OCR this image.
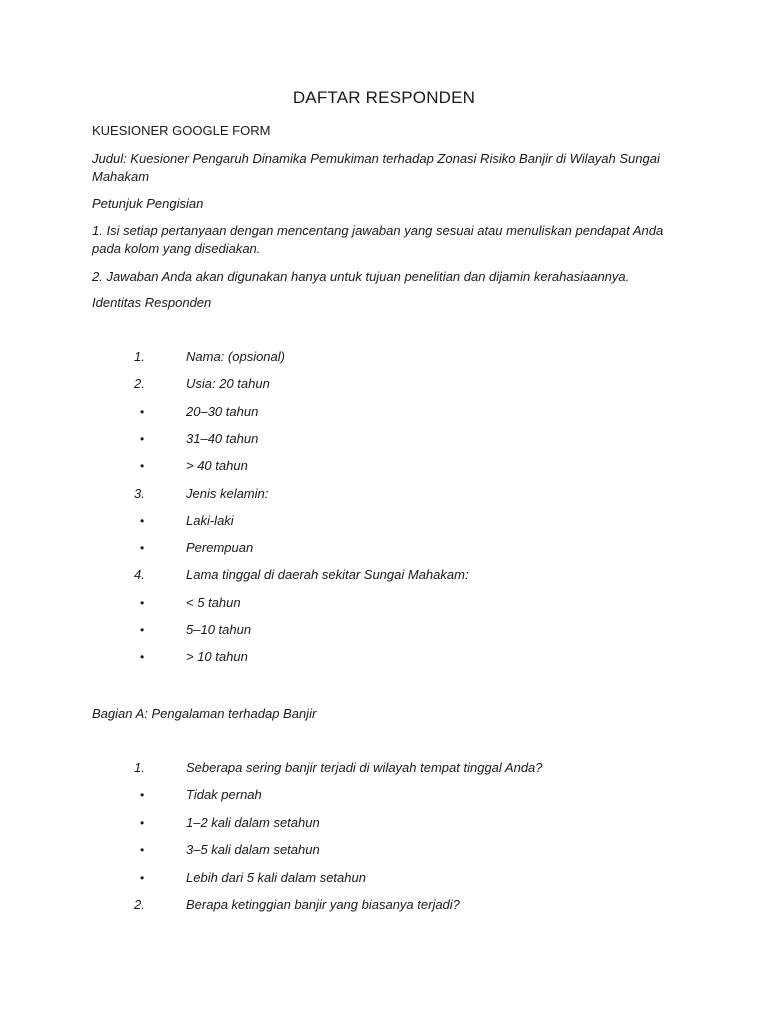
DAFTAR RESPONDEN
KUESIONER GOOGLE FORM
Judul: Kuesioner Pengaruh Dinamika Pemukiman terhadap Zonasi Risiko Banjir di Wilayah Sungai Mahakam
Petunjuk Pengisian
1. Isi setiap pertanyaan dengan mencentang jawaban yang sesuai atau menuliskan pendapat Anda pada kolom yang disediakan.
2. Jawaban Anda akan digunakan hanya untuk tujuan penelitian dan dijamin kerahasiaannya.
Identitas Responden
1.	Nama: (opsional)
2.	Usia: 20 tahun
•	20–30 tahun
•	31–40 tahun
•	> 40 tahun
3.	Jenis kelamin:
•	Laki-laki
•	Perempuan
4.	Lama tinggal di daerah sekitar Sungai Mahakam:
•	< 5 tahun
•	5–10 tahun
•	> 10 tahun
Bagian A: Pengalaman terhadap Banjir
1.	Seberapa sering banjir terjadi di wilayah tempat tinggal Anda?
•	Tidak pernah
•	1–2 kali dalam setahun
•	3–5 kali dalam setahun
•	Lebih dari 5 kali dalam setahun
2.	Berapa ketinggian banjir yang biasanya terjadi?
